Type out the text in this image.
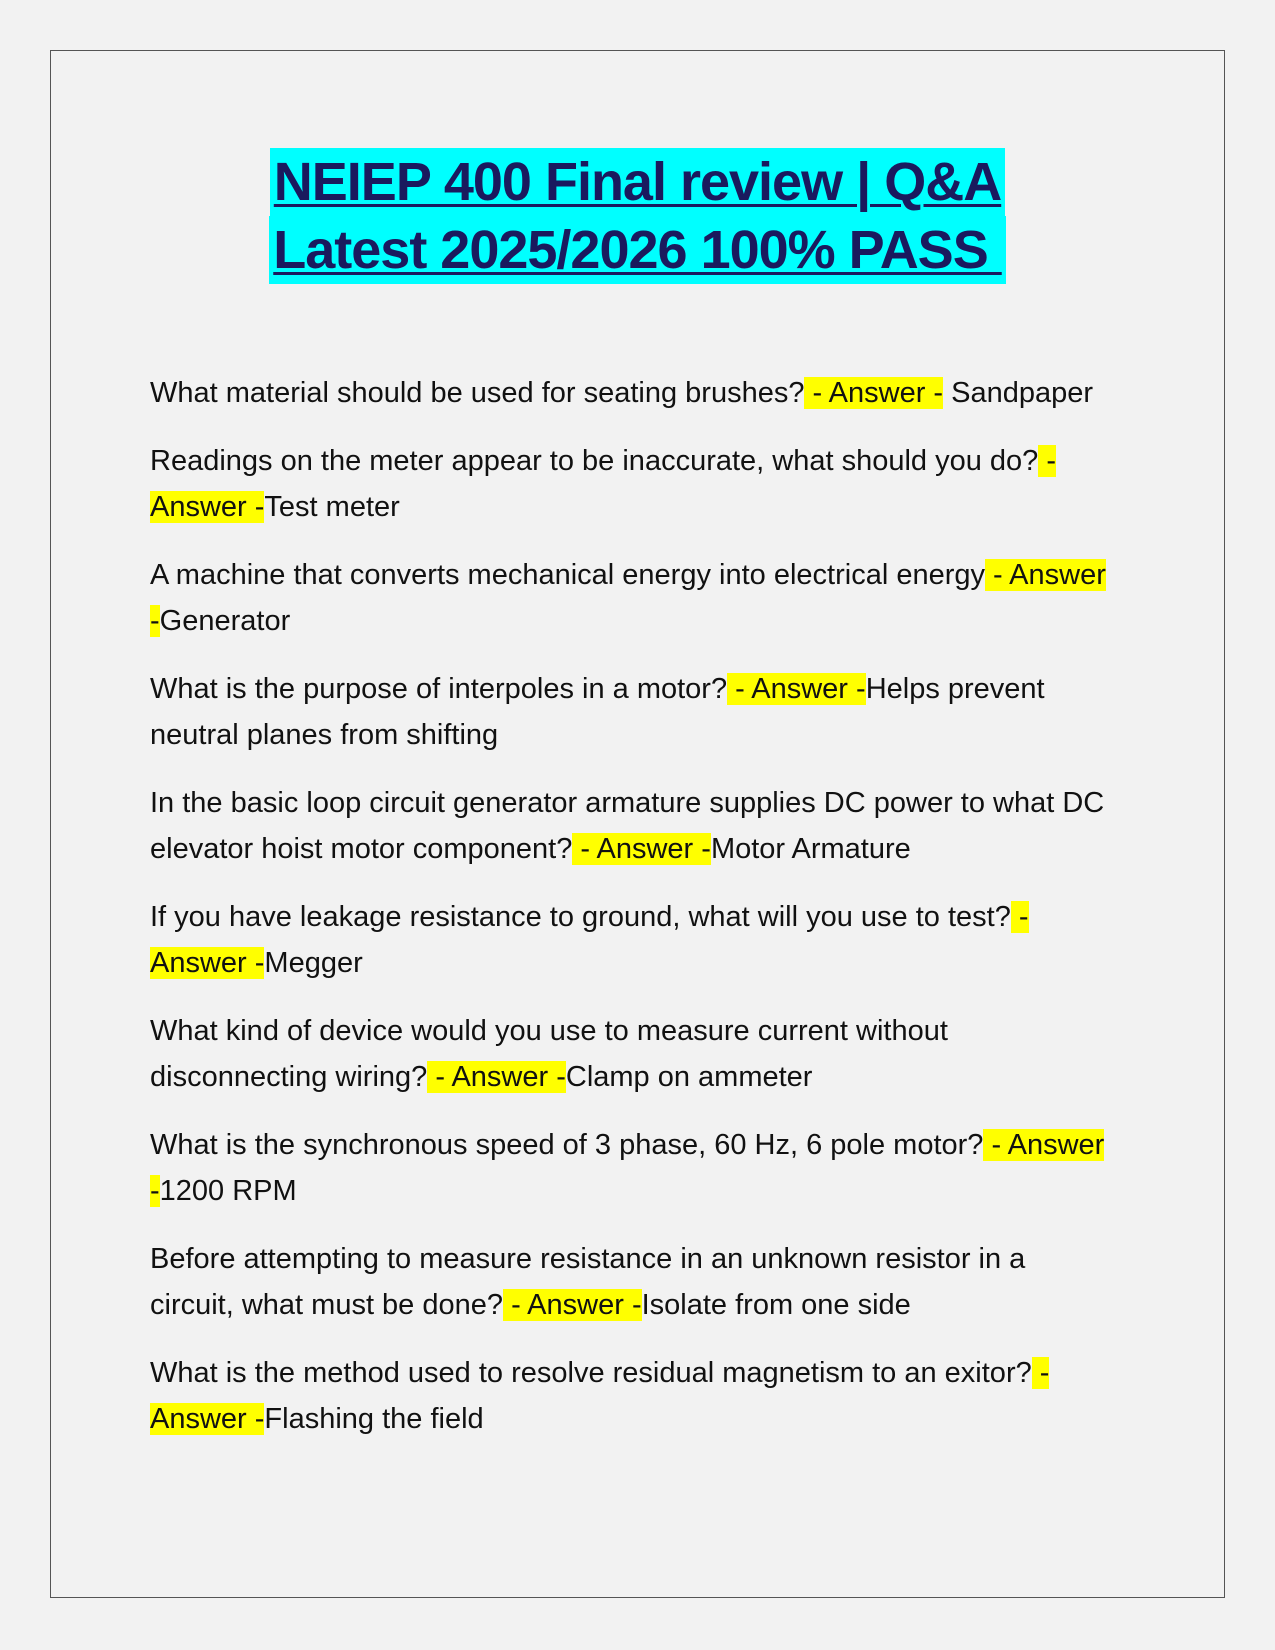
NEIEP 400 Final review | Q&A
Latest 2025/2026 100% PASS

What material should be used for seating brushes? - Answer - Sandpaper

Readings on the meter appear to be inaccurate, what should you do? - Answer -Test meter

A machine that converts mechanical energy into electrical energy - Answer -Generator

What is the purpose of interpoles in a motor? - Answer -Helps prevent neutral planes from shifting

In the basic loop circuit generator armature supplies DC power to what DC elevator hoist motor component? - Answer -Motor Armature

If you have leakage resistance to ground, what will you use to test? - Answer -Megger

What kind of device would you use to measure current without disconnecting wiring? - Answer -Clamp on ammeter

What is the synchronous speed of 3 phase, 60 Hz, 6 pole motor? - Answer -1200 RPM

Before attempting to measure resistance in an unknown resistor in a circuit, what must be done? - Answer -Isolate from one side

What is the method used to resolve residual magnetism to an exitor? - Answer -Flashing the field
